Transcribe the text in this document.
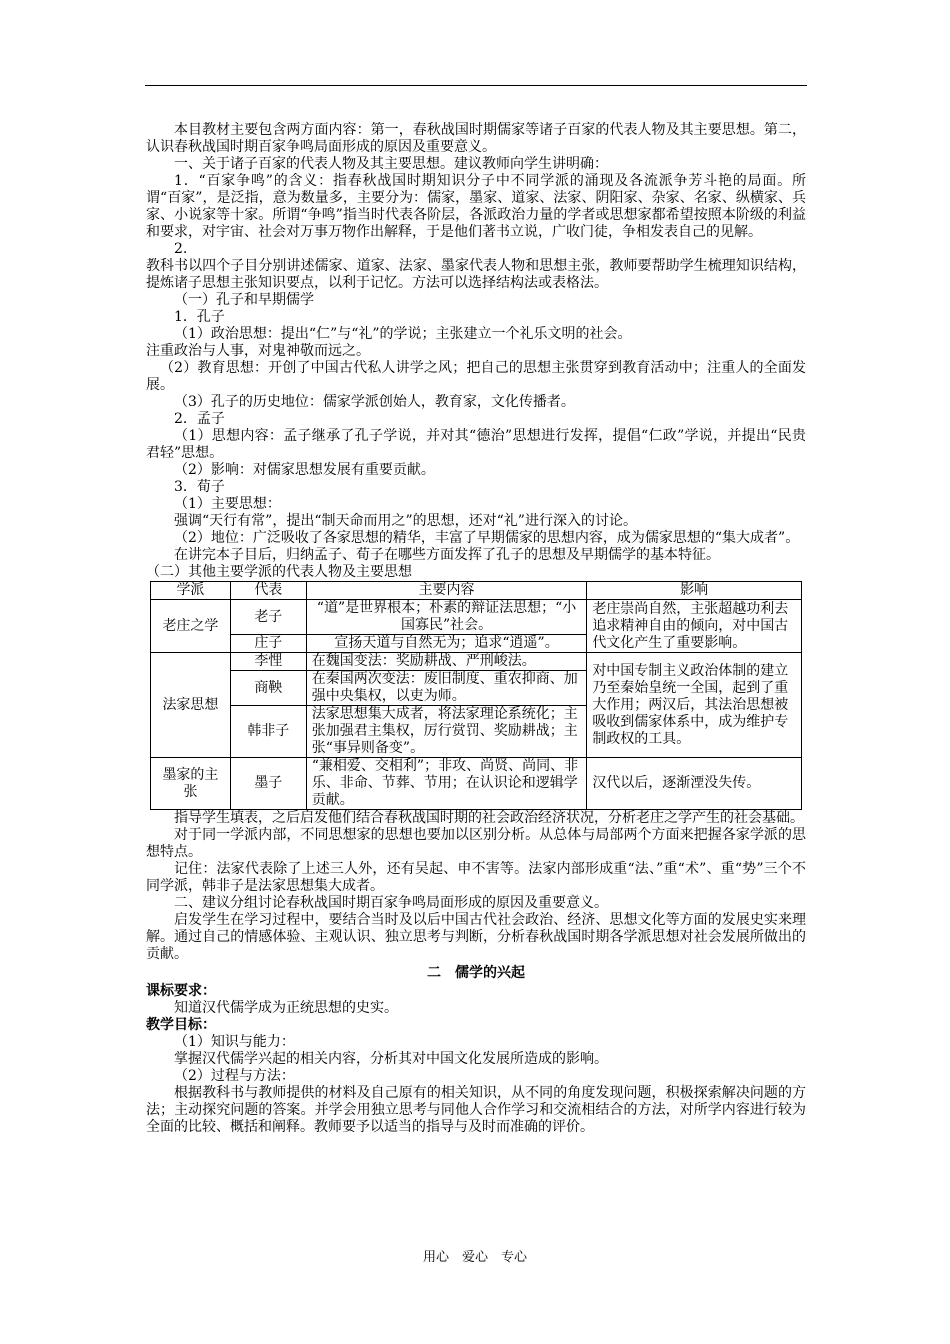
本目教材主要包含两方面内容：第一，春秋战国时期儒家等诸子百家的代表人物及其主要思想。第二，认识春秋战国时期百家争鸣局面形成的原因及重要意义。

一、关于诸子百家的代表人物及其主要思想。建议教师向学生讲明确：

1．“百家争鸣”的含义：指春秋战国时期知识分子中不同学派的涌现及各流派争芳斗艳的局面。所谓“百家”，是泛指，意为数量多，主要分为：儒家，墨家、道家、法家、阴阳家、杂家、名家、纵横家、兵家、小说家等十家。所谓“争鸣”指当时代表各阶层，各派政治力量的学者或思想家都希望按照本阶级的利益和要求，对宇宙、社会对万事万物作出解释，于是他们著书立说，广收门徒，争相发表自己的见解。

2.

教科书以四个子目分别讲述儒家、道家、法家、墨家代表人物和思想主张，教师要帮助学生梳理知识结构，提炼诸子思想主张知识要点，以利于记忆。方法可以选择结构法或表格法。

（一）孔子和早期儒学

1．孔子

（1）政治思想：提出“仁”与“礼”的学说；主张建立一个礼乐文明的社会。

注重政治与人事，对鬼神敬而远之。

（2）教育思想：开创了中国古代私人讲学之风；把自己的思想主张贯穿到教育活动中；注重人的全面发展。

（3）孔子的历史地位：儒家学派创始人，教育家，文化传播者。

2．孟子

（1）思想内容：孟子继承了孔子学说，并对其“德治”思想进行发挥，提倡“仁政”学说，并提出“民贵君轻”思想。

（2）影响：对儒家思想发展有重要贡献。

3．荀子

（1）主要思想：

强调“天行有常”，提出“制天命而用之”的思想，还对“礼”进行深入的讨论。

（2）地位：广泛吸收了各家思想的精华，丰富了早期儒家的思想内容，成为儒家思想的“集大成者”。

在讲完本子目后，归纳孟子、荀子在哪些方面发挥了孔子的思想及早期儒学的基本特征。

（二）其他主要学派的代表人物及主要思想

学派	代表	主要内容	影响
老庄之学	老子	“道”是世界根本；朴素的辩证法思想；“小国寡民”社会。	老庄崇尚自然，主张超越功利去追求精神自由的倾向，对中国古代文化产生了重要影响。
	庄子	宣扬天道与自然无为；追求“逍遥”。	
法家思想	李悝	在魏国变法：奖励耕战、严刑峻法。	对中国专制主义政治体制的建立乃至秦始皇统一全国，起到了重大作用；两汉后，其法治思想被吸收到儒家体系中，成为维护专制政权的工具。
	商鞅	在秦国两次变法：废旧制度、重农抑商、加强中央集权，以吏为师。	
	韩非子	法家思想集大成者，将法家理论系统化；主张加强君主集权，厉行赏罚、奖励耕战；主张“事异则备变”。	
墨家的主张	墨子	“兼相爱、交相利”；非攻、尚贤、尚同、非乐、非命、节葬、节用；在认识论和逻辑学贡献。	汉代以后，逐渐湮没失传。

指导学生填表，之后启发他们结合春秋战国时期的社会政治经济状况，分析老庄之学产生的社会基础。

对于同一学派内部，不同思想家的思想也要加以区别分析。从总体与局部两个方面来把握各家学派的思想特点。

记住：法家代表除了上述三人外，还有吴起、申不害等。法家内部形成重“法、”重“术”、重“势”三个不同学派，韩非子是法家思想集大成者。

二、建议分组讨论春秋战国时期百家争鸣局面形成的原因及重要意义。

启发学生在学习过程中，要结合当时及以后中国古代社会政治、经济、思想文化等方面的发展史实来理解。通过自己的情感体验、主观认识、独立思考与判断，分析春秋战国时期各学派思想对社会发展所做出的贡献。

二　儒学的兴起

课标要求：

知道汉代儒学成为正统思想的史实。

教学目标：

（1）知识与能力：

掌握汉代儒学兴起的相关内容，分析其对中国文化发展所造成的影响。

（2）过程与方法：

根据教科书与教师提供的材料及自己原有的相关知识，从不同的角度发现问题，积极探索解决问题的方法；主动探究问题的答案。并学会用独立思考与同他人合作学习和交流相结合的方法，对所学内容进行较为全面的比较、概括和阐释。教师要予以适当的指导与及时而准确的评价。

用心　爱心　专心
